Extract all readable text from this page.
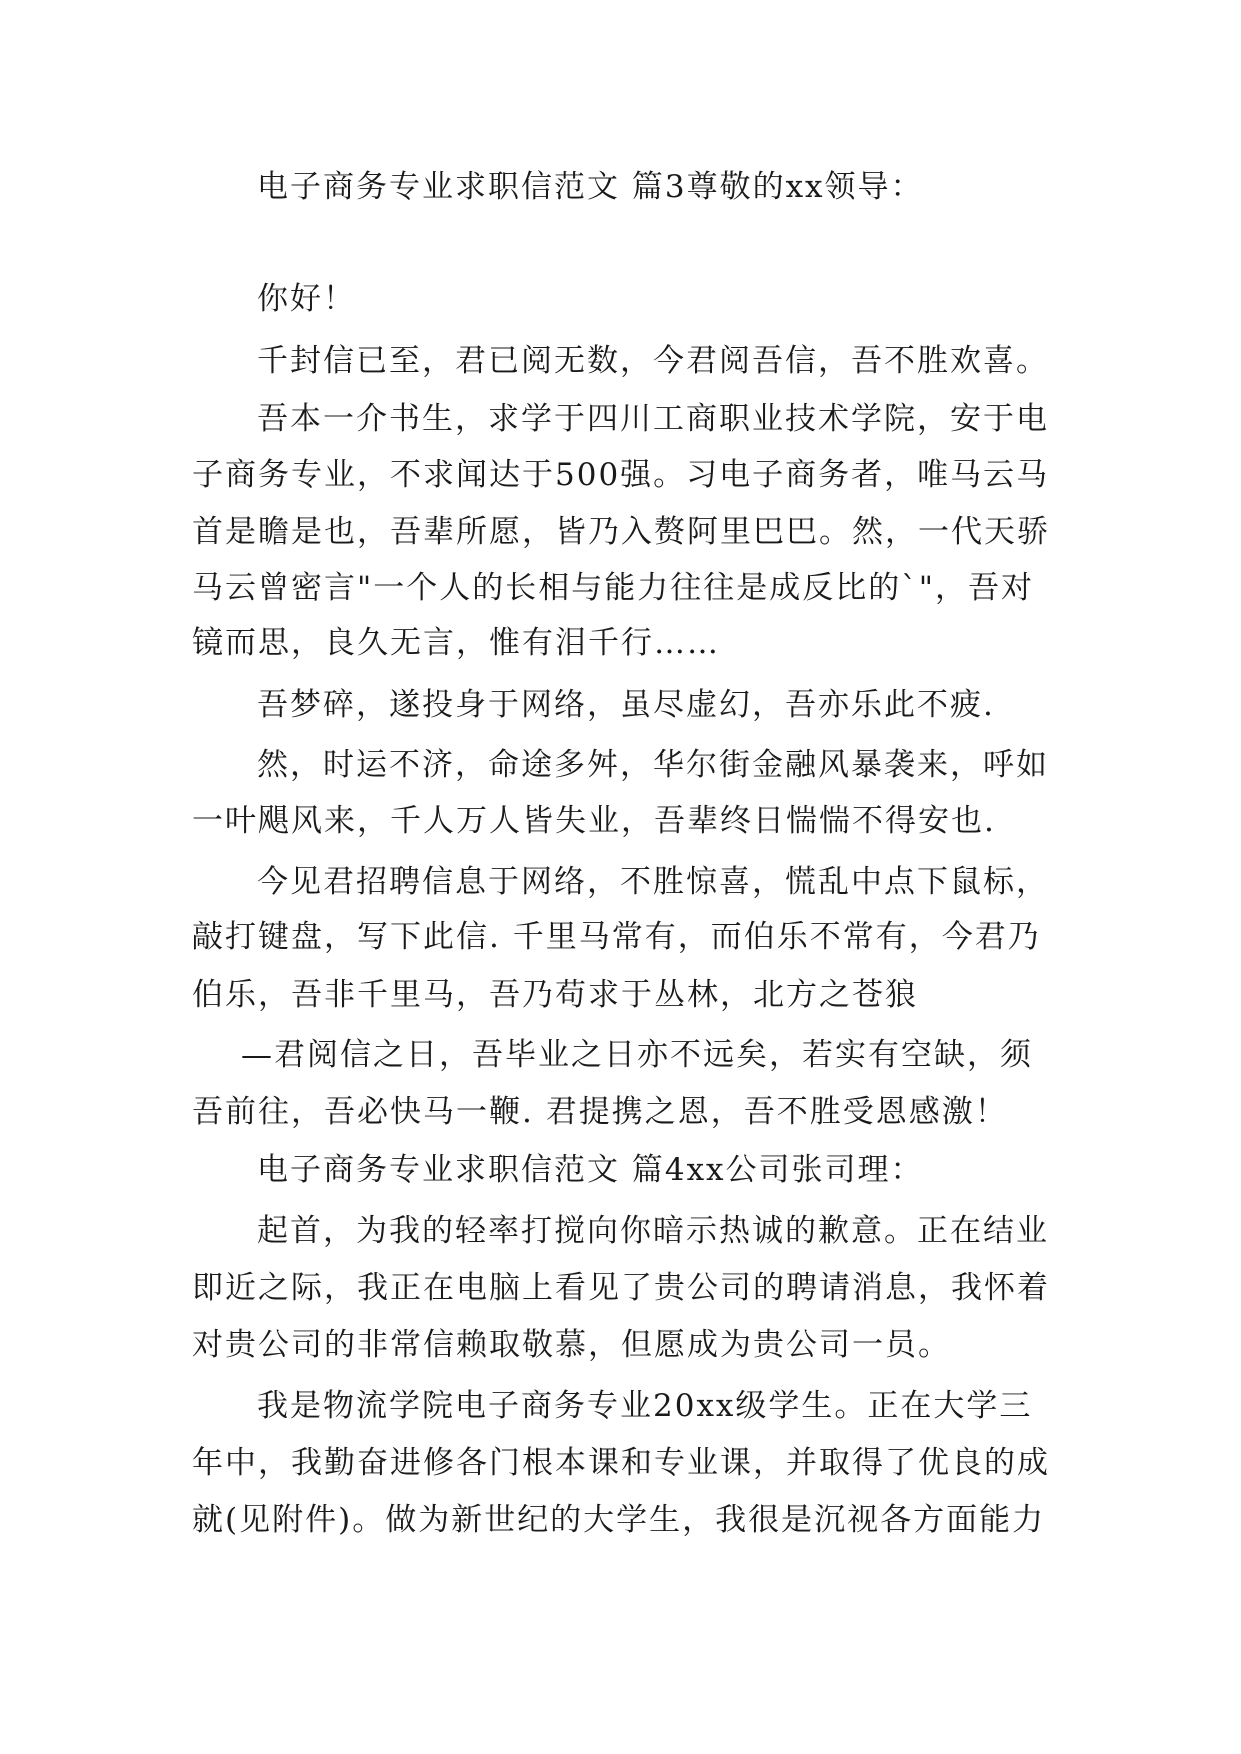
电子商务专业求职信范文 篇3尊敬的xx领导：
你好！
千封信已至，君已阅无数，今君阅吾信，吾不胜欢喜。
吾本一介书生，求学于四川工商职业技术学院，安于电
子商务专业，不求闻达于500强。习电子商务者，唯马云马
首是瞻是也，吾辈所愿，皆乃入赘阿里巴巴。然，一代天骄
马云曾密言"一个人的长相与能力往往是成反比的`"，吾对
镜而思，良久无言，惟有泪千行……
吾梦碎，遂投身于网络，虽尽虚幻，吾亦乐此不疲.
然，时运不济，命途多舛，华尔街金融风暴袭来，呼如
一叶飓风来，千人万人皆失业，吾辈终日惴惴不得安也.
今见君招聘信息于网络，不胜惊喜，慌乱中点下鼠标，
敲打键盘，写下此信. 千里马常有，而伯乐不常有，今君乃
伯乐，吾非千里马，吾乃苟求于丛林，北方之苍狼
—君阅信之日，吾毕业之日亦不远矣，若实有空缺，须
吾前往，吾必快马一鞭. 君提携之恩，吾不胜受恩感激！
电子商务专业求职信范文 篇4xx公司张司理：
起首，为我的轻率打搅向你暗示热诚的歉意。正在结业
即近之际，我正在电脑上看见了贵公司的聘请消息，我怀着
对贵公司的非常信赖取敬慕，但愿成为贵公司一员。
我是物流学院电子商务专业20xx级学生。正在大学三
年中，我勤奋进修各门根本课和专业课，并取得了优良的成
就(见附件)。做为新世纪的大学生，我很是沉视各方面能力
